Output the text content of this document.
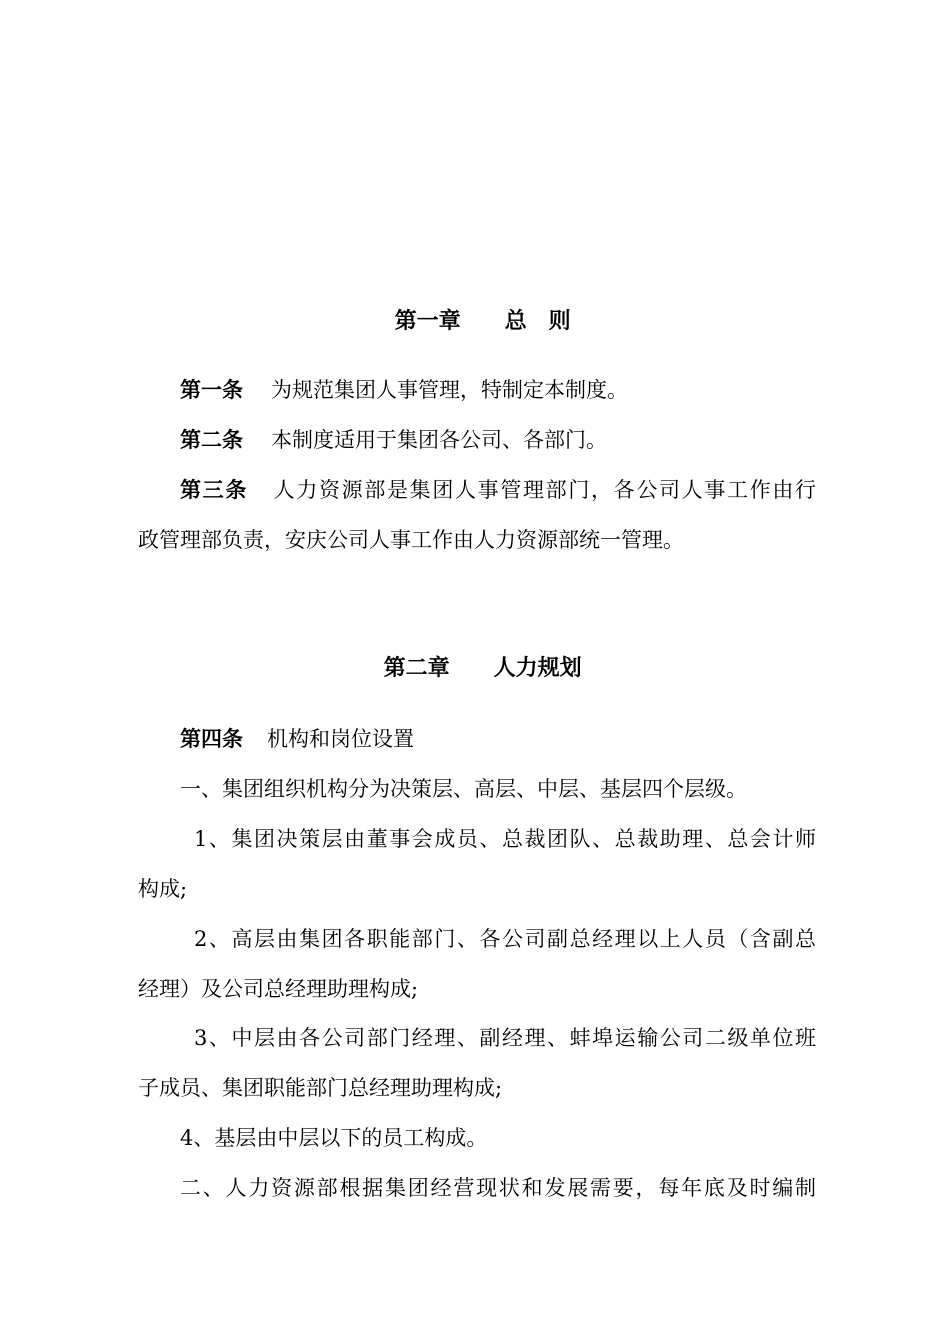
第一章　　 总　则

第一条 为规范集团人事管理，特制定本制度。
第二条 本制度适用于集团各公司、各部门。
第三条 人力资源部是集团人事管理部门，各公司人事工作由行
政管理部负责，安庆公司人事工作由人力资源部统一管理。

第二章　　 人力规划

第四条 机构和岗位设置
一、集团组织机构分为决策层、高层、中层、基层四个层级。
1、集团决策层由董事会成员、总裁团队、总裁助理、总会计师
构成;
2、高层由集团各职能部门、各公司副总经理以上人员（含副总
经理）及公司总经理助理构成;
3、中层由各公司部门经理、副经理、蚌埠运输公司二级单位班
子成员、集团职能部门总经理助理构成;
4、基层由中层以下的员工构成。
二、人力资源部根据集团经营现状和发展需要，每年底及时编制
